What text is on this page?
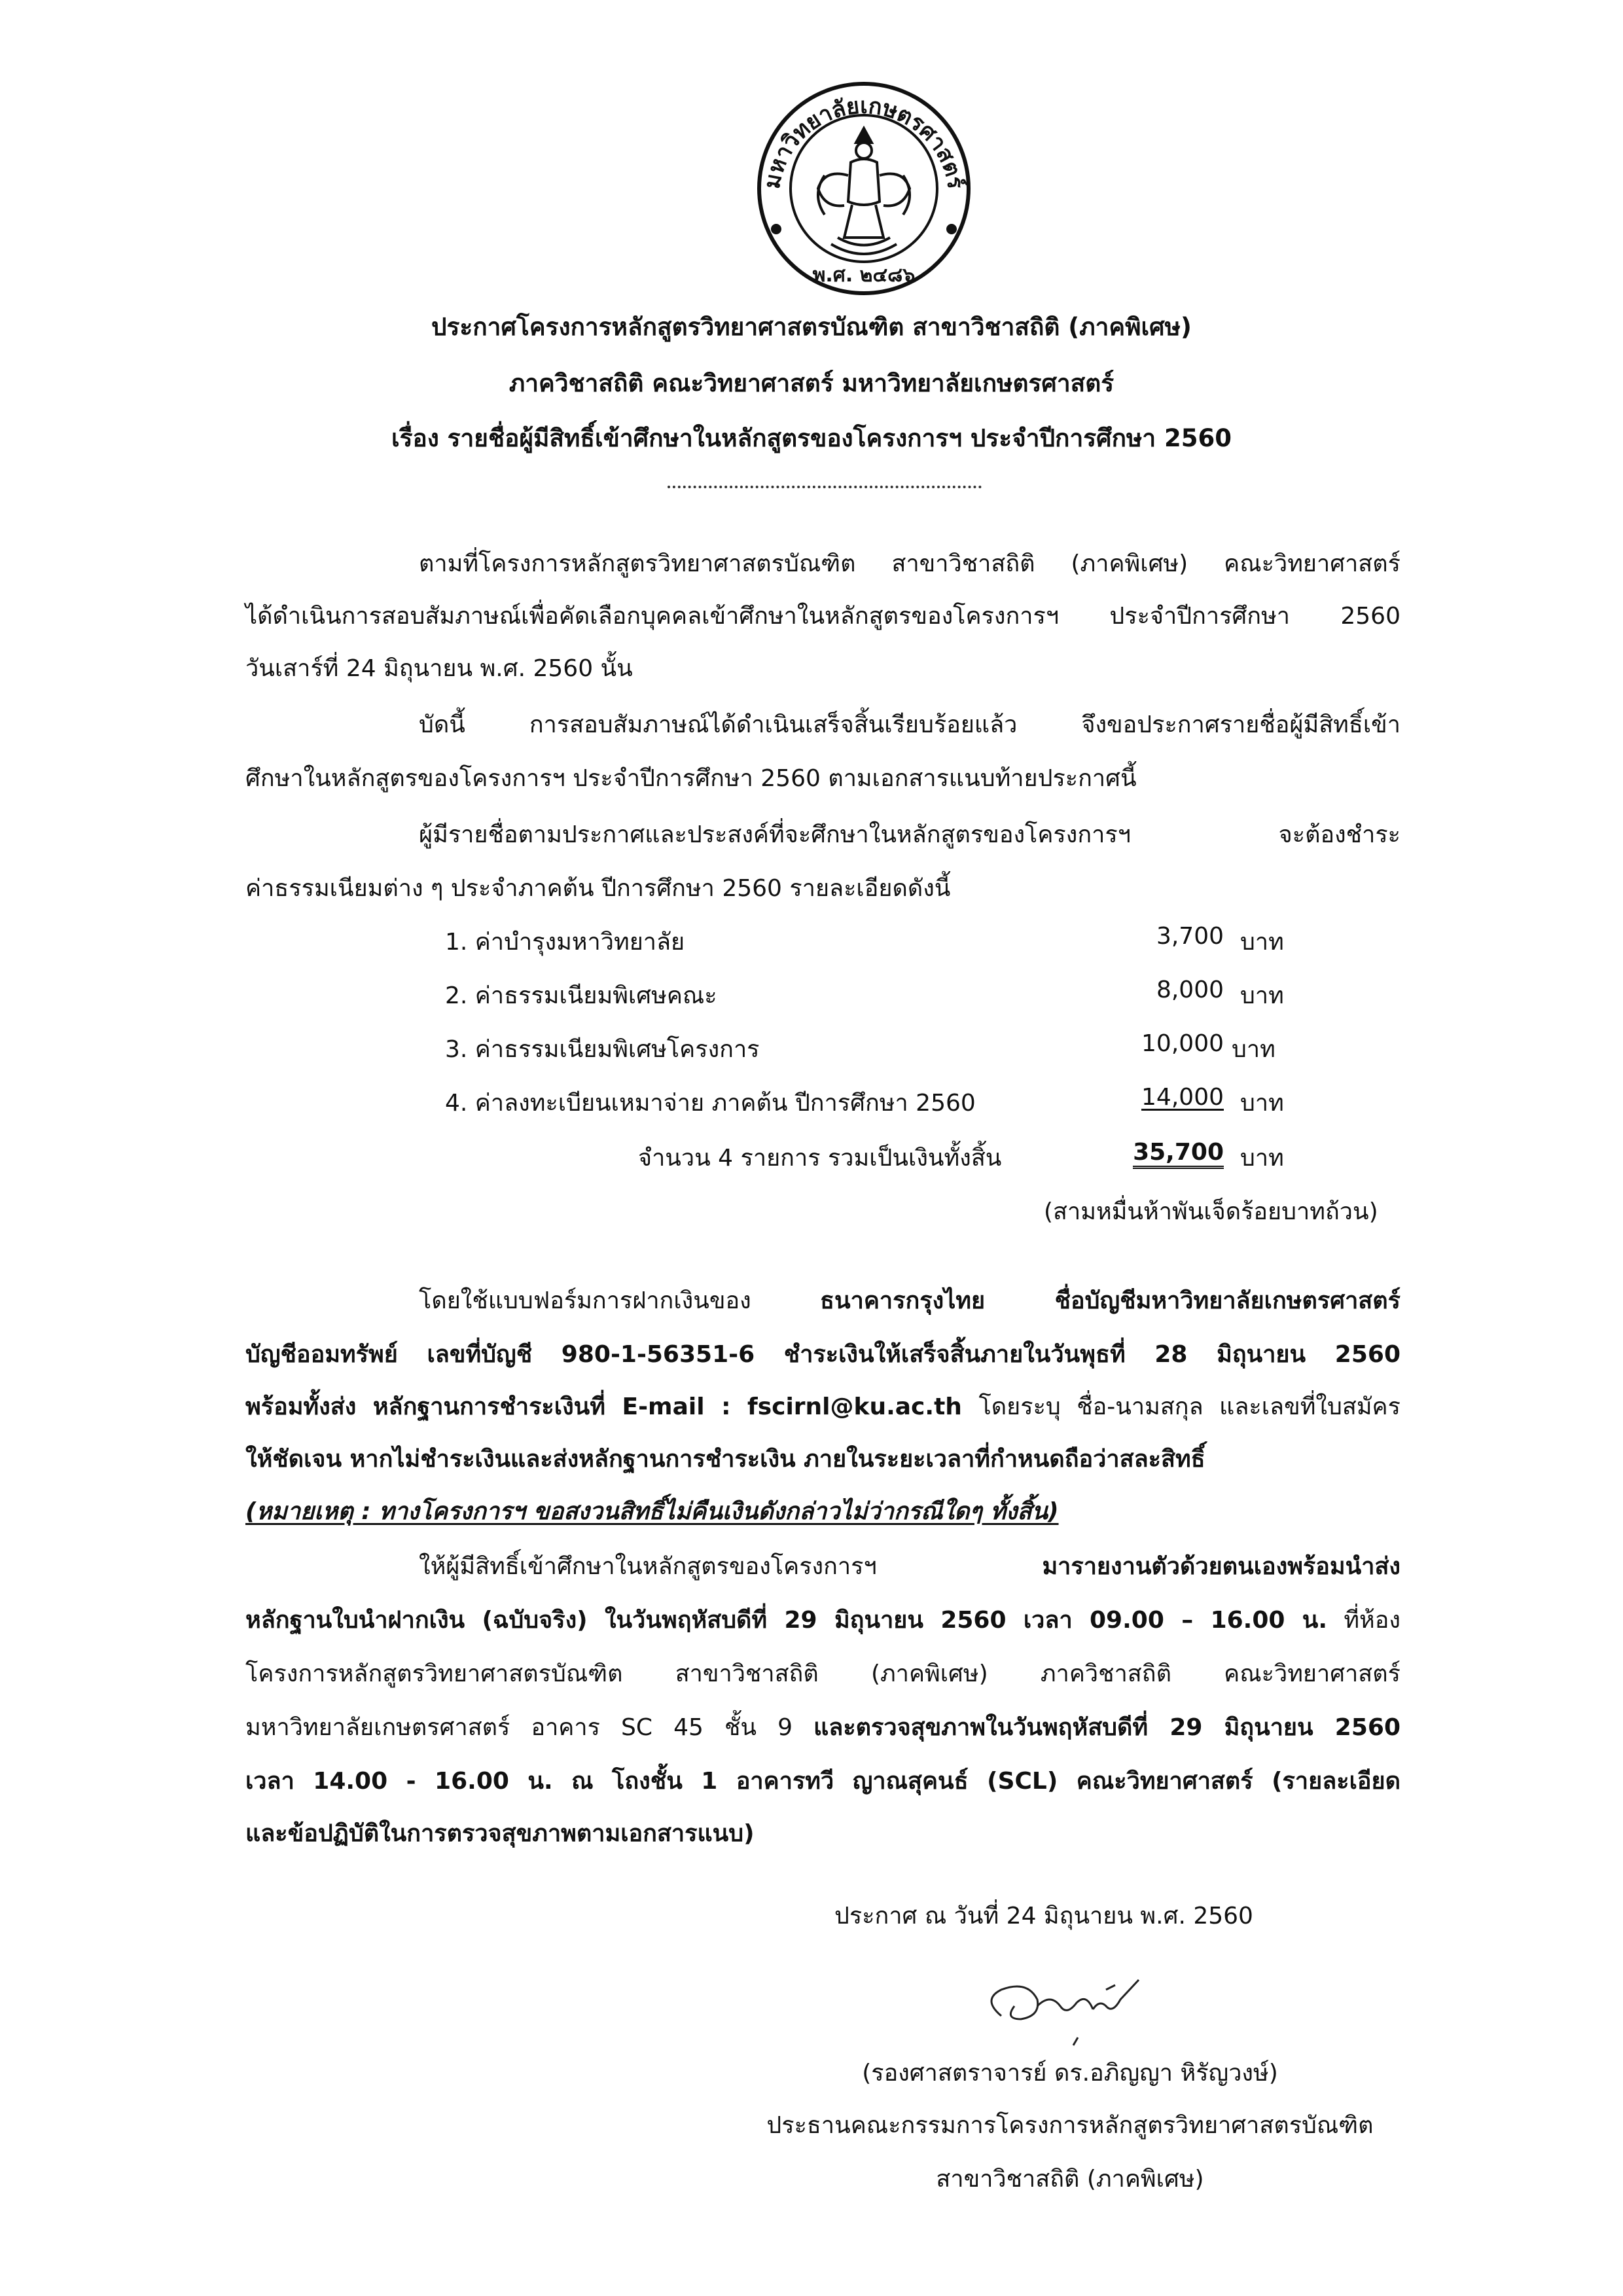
มหาวิทยาลัยเกษตรศาสตร์
พ.ศ. ๒๔๘๖
ประกาศโครงการหลักสูตรวิทยาศาสตรบัณฑิต สาขาวิชาสถิติ (ภาคพิเศษ)
ภาควิชาสถิติ คณะวิทยาศาสตร์ มหาวิทยาลัยเกษตรศาสตร์
เรื่อง รายชื่อผู้มีสิทธิ์เข้าศึกษาในหลักสูตรของโครงการฯ ประจำปีการศึกษา 2560
ตามที่โครงการหลักสูตรวิทยาศาสตรบัณฑิต สาขาวิชาสถิติ (ภาคพิเศษ) คณะวิทยาศาสตร์
ได้ดำเนินการสอบสัมภาษณ์เพื่อคัดเลือกบุคคลเข้าศึกษาในหลักสูตรของโครงการฯ ประจำปีการศึกษา 2560
วันเสาร์ที่ 24 มิถุนายน พ.ศ. 2560 นั้น
บัดนี้ การสอบสัมภาษณ์ได้ดำเนินเสร็จสิ้นเรียบร้อยแล้ว จึงขอประกาศรายชื่อผู้มีสิทธิ์เข้า
ศึกษาในหลักสูตรของโครงการฯ ประจำปีการศึกษา 2560 ตามเอกสารแนบท้ายประกาศนี้
ผู้มีรายชื่อตามประกาศและประสงค์ที่จะศึกษาในหลักสูตรของโครงการฯ จะต้องชำระ
ค่าธรรมเนียมต่าง ๆ ประจำภาคต้น ปีการศึกษา 2560 รายละเอียดดังนี้
1. ค่าบำรุงมหาวิทยาลัย	3,700 บาท
2. ค่าธรรมเนียมพิเศษคณะ	8,000 บาท
3. ค่าธรรมเนียมพิเศษโครงการ	10,000 บาท
4. ค่าลงทะเบียนเหมาจ่าย ภาคต้น ปีการศึกษา 2560	14,000 บาท
จำนวน 4 รายการ รวมเป็นเงินทั้งสิ้น	35,700 บาท
(สามหมื่นห้าพันเจ็ดร้อยบาทถ้วน)
โดยใช้แบบฟอร์มการฝากเงินของ ธนาคารกรุงไทย ชื่อบัญชีมหาวิทยาลัยเกษตรศาสตร์
บัญชีออมทรัพย์ เลขที่บัญชี 980-1-56351-6 ชำระเงินให้เสร็จสิ้นภายในวันพุธที่ 28 มิถุนายน 2560
พร้อมทั้งส่ง หลักฐานการชำระเงินที่ E-mail : fscirnl@ku.ac.th โดยระบุ ชื่อ-นามสกุล และเลขที่ใบสมัคร
ให้ชัดเจน หากไม่ชำระเงินและส่งหลักฐานการชำระเงิน ภายในระยะเวลาที่กำหนดถือว่าสละสิทธิ์
(หมายเหตุ : ทางโครงการฯ ขอสงวนสิทธิ์ไม่คืนเงินดังกล่าวไม่ว่ากรณีใดๆ ทั้งสิ้น)
ให้ผู้มีสิทธิ์เข้าศึกษาในหลักสูตรของโครงการฯ มารายงานตัวด้วยตนเองพร้อมนำส่ง
หลักฐานใบนำฝากเงิน (ฉบับจริง) ในวันพฤหัสบดีที่ 29 มิถุนายน 2560 เวลา 09.00 – 16.00 น. ที่ห้อง
โครงการหลักสูตรวิทยาศาสตรบัณฑิต สาขาวิชาสถิติ (ภาคพิเศษ) ภาควิชาสถิติ คณะวิทยาศาสตร์
มหาวิทยาลัยเกษตรศาสตร์ อาคาร SC 45 ชั้น 9 และตรวจสุขภาพในวันพฤหัสบดีที่ 29 มิถุนายน 2560
เวลา 14.00 - 16.00 น. ณ โถงชั้น 1 อาคารทวี ญาณสุคนธ์ (SCL) คณะวิทยาศาสตร์ (รายละเอียด
และข้อปฏิบัติในการตรวจสุขภาพตามเอกสารแนบ)
ประกาศ ณ วันที่ 24 มิถุนายน พ.ศ. 2560
(รองศาสตราจารย์ ดร.อภิญญา หิรัญวงษ์)
ประธานคณะกรรมการโครงการหลักสูตรวิทยาศาสตรบัณฑิต
สาขาวิชาสถิติ (ภาคพิเศษ)
